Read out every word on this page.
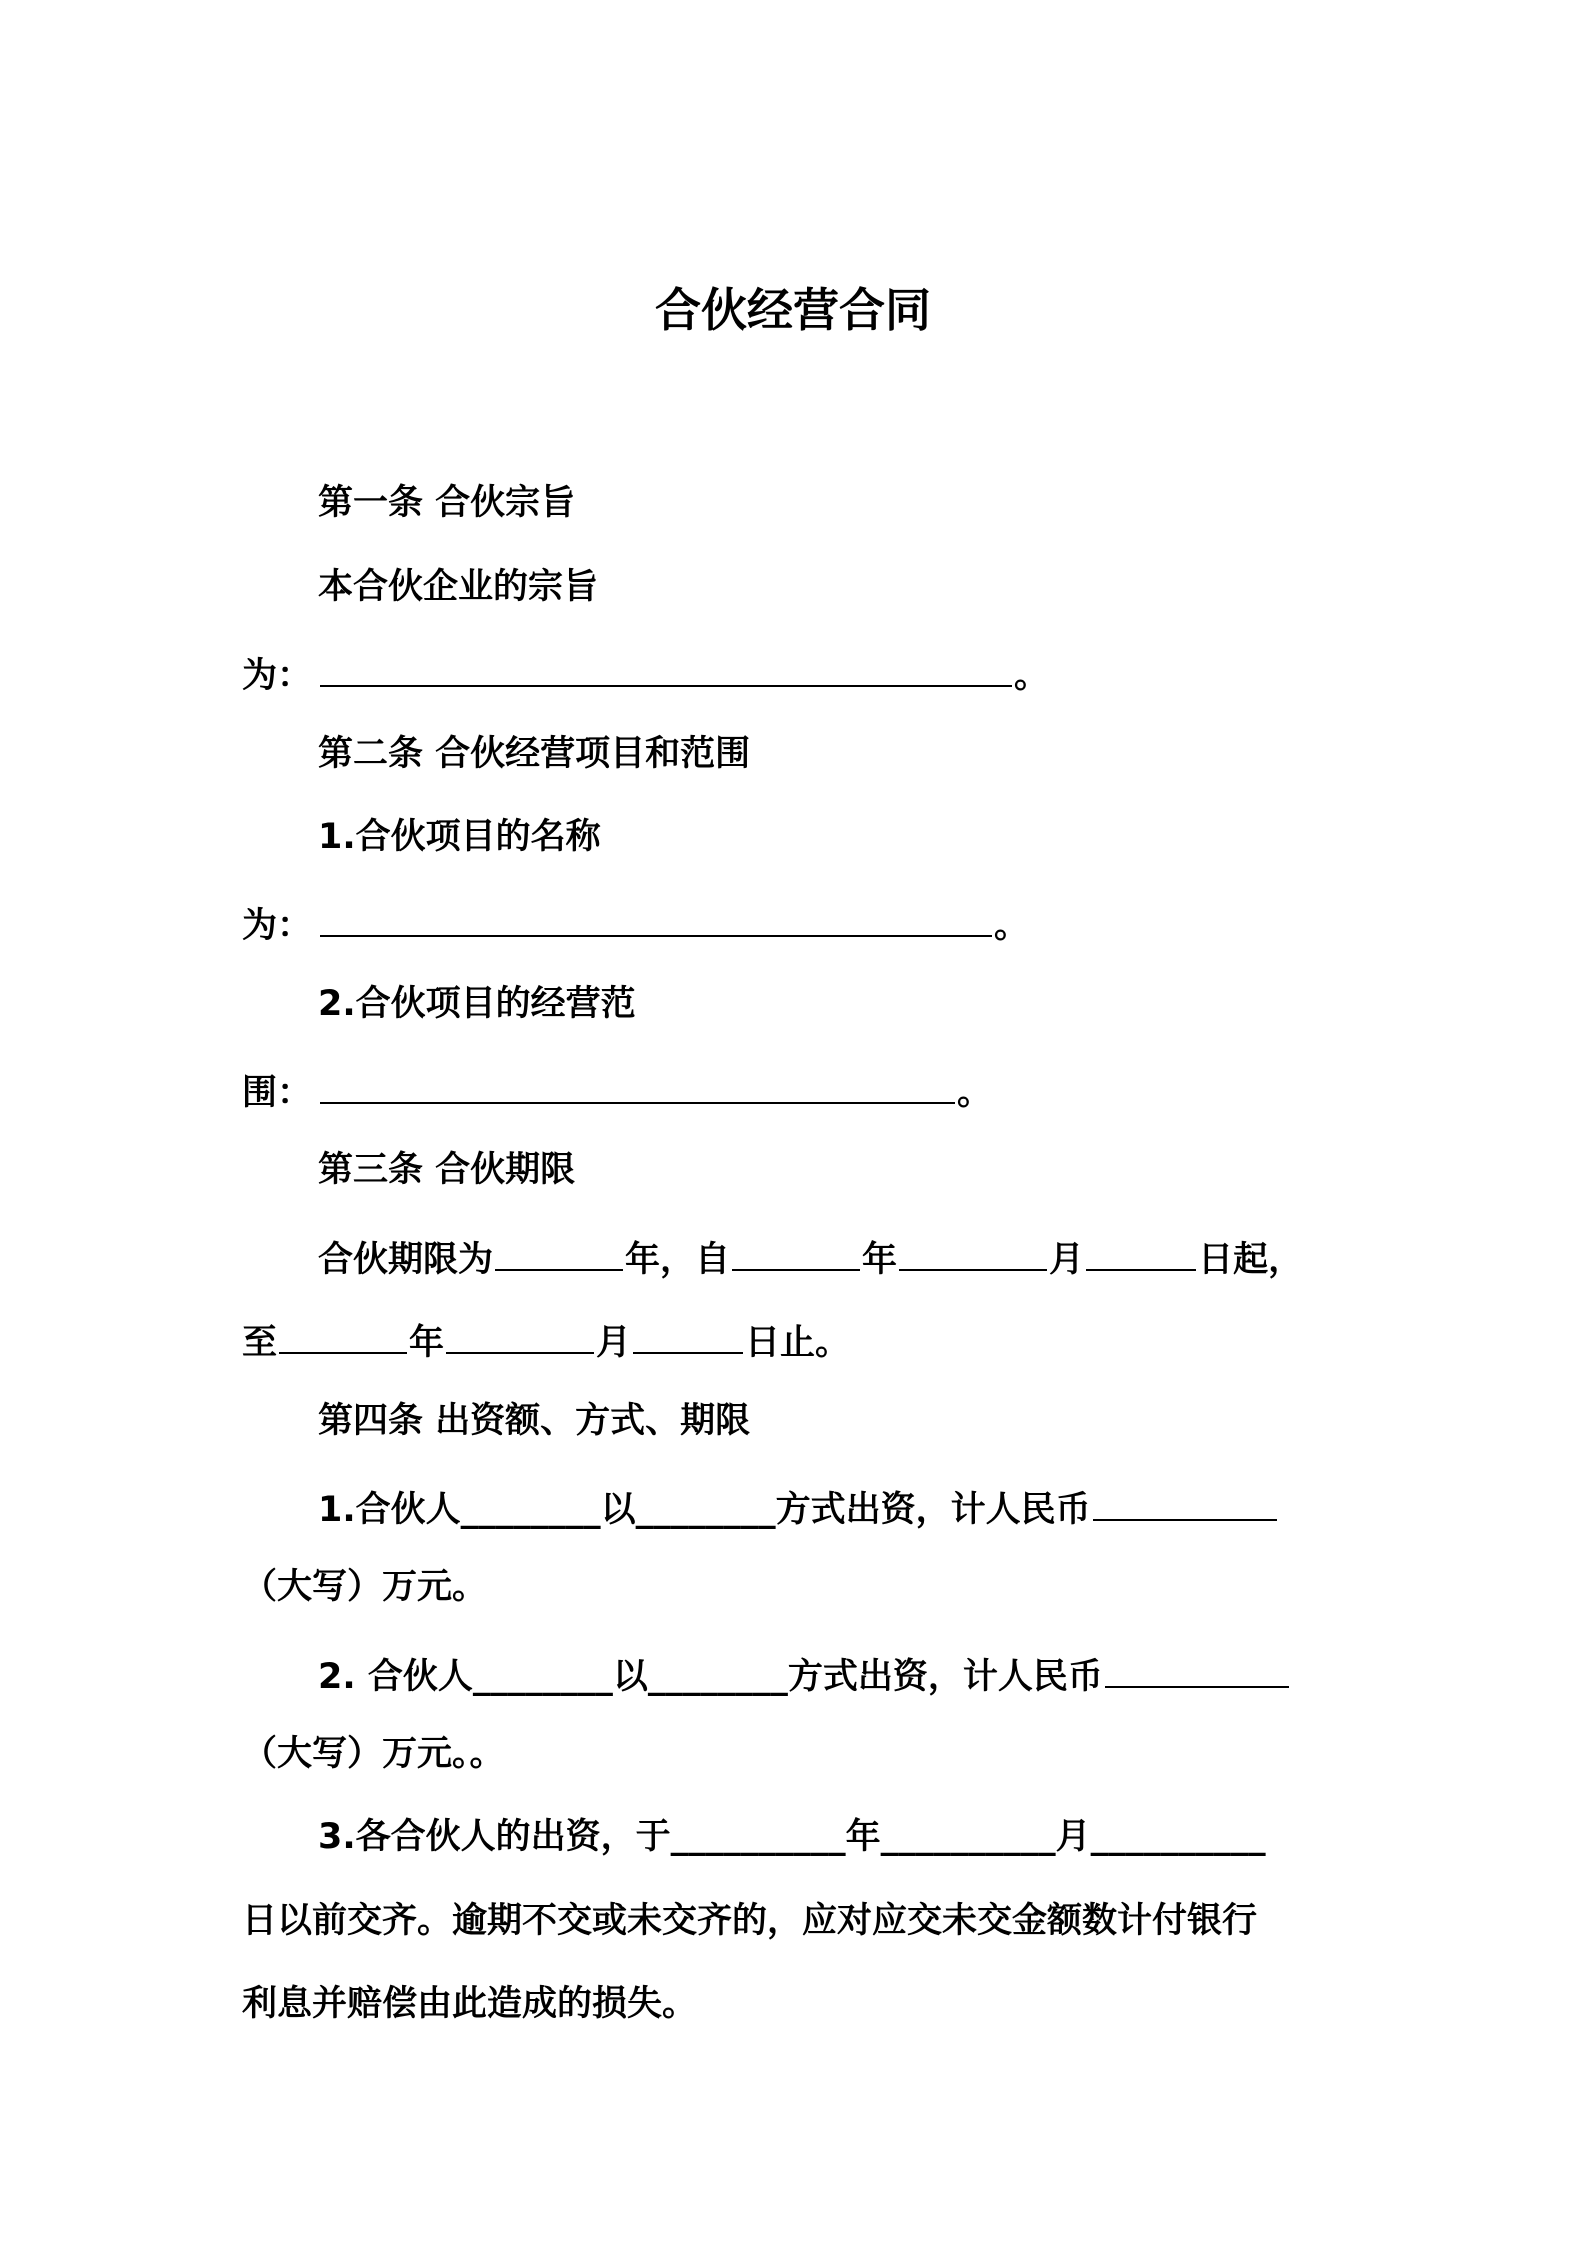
合伙经营合同
第一条 合伙宗旨
本合伙企业的宗旨
为：	。
第二条 合伙经营项目和范围
1.合伙项目的名称
为：	。
2.合伙项目的经营范
围：	。
第三条 合伙期限
合伙期限为	年，自	年	月	日起，
至	年	月	日止。
第四条 出资额、方式、期限
1.合伙人________以________方式出资，计人民币
（大写）万元。
2. 合伙人________以________方式出资，计人民币
（大写）万元。。
3.各合伙人的出资，于__________年__________月__________
日以前交齐。逾期不交或未交齐的，应对应交未交金额数计付银行
利息并赔偿由此造成的损失。
